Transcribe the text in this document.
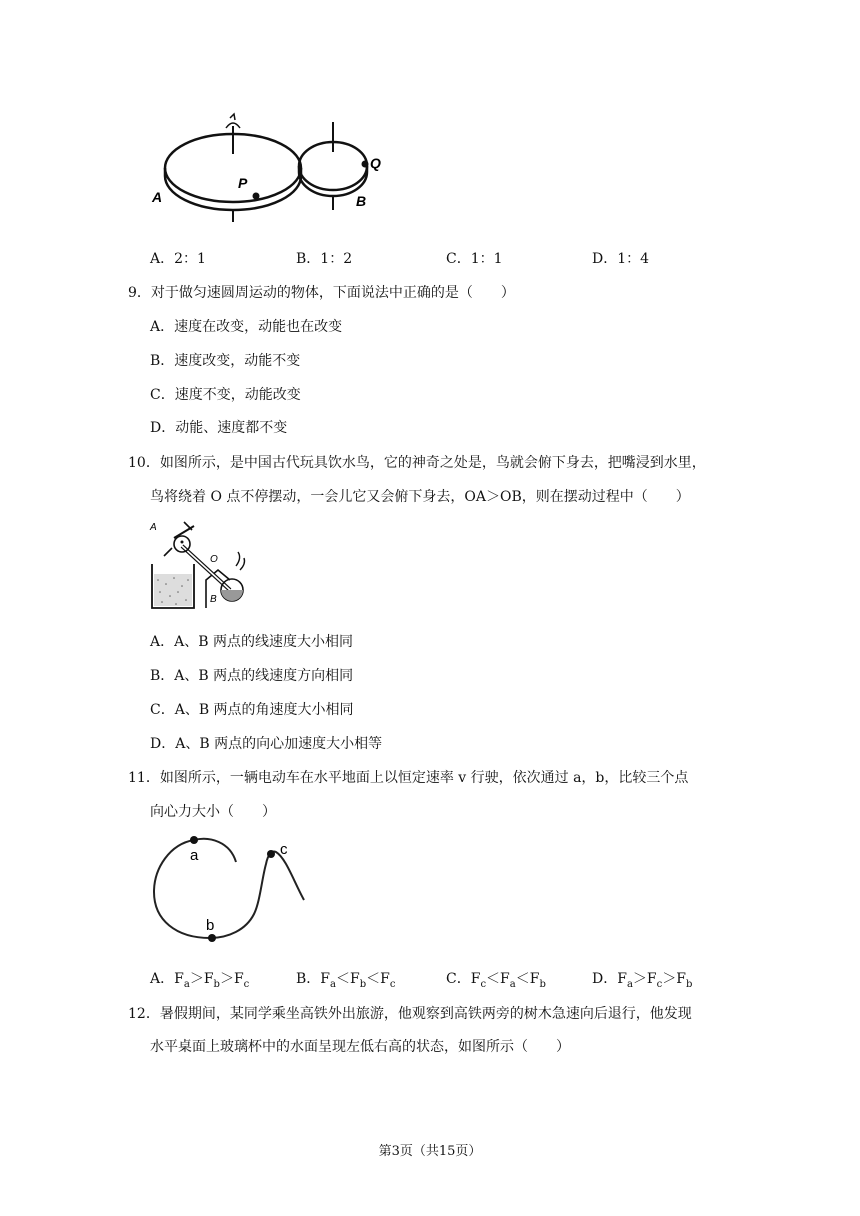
A
P
Q
B
A．2：1	B．1：2	C．1：1	D．1：4
9．对于做匀速圆周运动的物体，下面说法中正确的是（　　）
A．速度在改变，动能也在改变
B．速度改变，动能不变
C．速度不变，动能改变
D．动能、速度都不变
10．如图所示，是中国古代玩具饮水鸟，它的神奇之处是，鸟就会俯下身去，把嘴浸到水里，
鸟将绕着 O 点不停摆动，一会儿它又会俯下身去，OA＞OB，则在摆动过程中（　　）
A
O
B
A．A、B 两点的线速度大小相同
B．A、B 两点的线速度方向相同
C．A、B 两点的角速度大小相同
D．A、B 两点的向心加速度大小相等
11．如图所示，一辆电动车在水平地面上以恒定速率 v 行驶，依次通过 a，b，比较三个点
向心力大小（　　）
a
b
c
A．$F_a>F_b>F_c$	B．$F_a<F_b<F_c$	C．$F_c<F_a<F_b$	D．$F_a>F_c>F_b$
12．暑假期间，某同学乘坐高铁外出旅游，他观察到高铁两旁的树木急速向后退行，他发现
水平桌面上玻璃杯中的水面呈现左低右高的状态，如图所示（　　）
第3页（共15页）
